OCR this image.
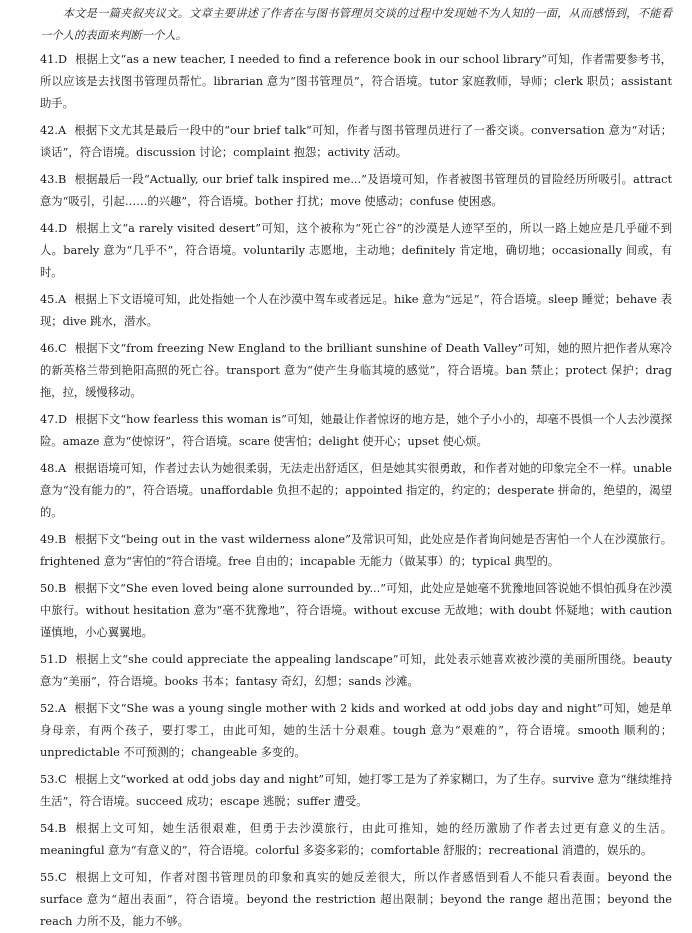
本文是一篇夹叙夹议文。文章主要讲述了作者在与图书管理员交谈的过程中发现她不为人知的一面，从而感悟到，不能看一个人的表面来判断一个人。

41.D 根据上文“as a new teacher, I needed to find a reference book in our school library”可知，作者需要参考书，所以应该是去找图书管理员帮忙。librarian 意为“图书管理员”，符合语境。tutor 家庭教师，导师；clerk 职员；assistant 助手。

42.A 根据下文尤其是最后一段中的“our brief talk”可知，作者与图书管理员进行了一番交谈。conversation 意为“对话；谈话”，符合语境。discussion 讨论；complaint 抱怨；activity 活动。

43.B 根据最后一段“Actually, our brief talk inspired me...”及语境可知，作者被图书管理员的冒险经历所吸引。attract 意为“吸引，引起……的兴趣”，符合语境。bother 打扰；move 使感动；confuse 使困惑。

44.D 根据上文“a rarely visited desert”可知，这个被称为“死亡谷”的沙漠是人迹罕至的，所以一路上她应是几乎碰不到人。barely 意为“几乎不”，符合语境。voluntarily 志愿地，主动地；definitely 肯定地，确切地；occasionally 间或，有时。

45.A 根据上下文语境可知，此处指她一个人在沙漠中驾车或者远足。hike 意为“远足”，符合语境。sleep 睡觉；behave 表现；dive 跳水，潜水。

46.C 根据下文“from freezing New England to the brilliant sunshine of Death Valley”可知，她的照片把作者从寒冷的新英格兰带到艳阳高照的死亡谷。transport 意为“使产生身临其境的感觉”，符合语境。ban 禁止；protect 保护；drag 拖，拉，缓慢移动。

47.D 根据下文“how fearless this woman is”可知，她最让作者惊讶的地方是，她个子小小的，却毫不畏惧一个人去沙漠探险。amaze 意为“使惊讶”，符合语境。scare 使害怕；delight 使开心；upset 使心烦。

48.A 根据语境可知，作者过去认为她很柔弱，无法走出舒适区，但是她其实很勇敢，和作者对她的印象完全不一样。unable 意为“没有能力的”，符合语境。unaffordable 负担不起的；appointed 指定的，约定的；desperate 拼命的，绝望的，渴望的。

49.B 根据下文“being out in the vast wilderness alone”及常识可知，此处应是作者询问她是否害怕一个人在沙漠旅行。frightened 意为“害怕的”符合语境。free 自由的；incapable 无能力（做某事）的；typical 典型的。

50.B 根据下文“She even loved being alone surrounded by...”可知，此处应是她毫不犹豫地回答说她不惧怕孤身在沙漠中旅行。without hesitation 意为“毫不犹豫地”，符合语境。without excuse 无故地；with doubt 怀疑地；with caution 谨慎地，小心翼翼地。

51.D 根据上文“she could appreciate the appealing landscape”可知，此处表示她喜欢被沙漠的美丽所围绕。beauty 意为“美丽”，符合语境。books 书本；fantasy 奇幻，幻想；sands 沙滩。

52.A 根据下文“She was a young single mother with 2 kids and worked at odd jobs day and night”可知，她是单身母亲，有两个孩子，要打零工，由此可知，她的生活十分艰难。tough 意为“艰难的”，符合语境。smooth 顺利的；unpredictable 不可预测的；changeable 多变的。

53.C 根据上文“worked at odd jobs day and night”可知，她打零工是为了养家糊口，为了生存。survive 意为“继续维持生活”，符合语境。succeed 成功；escape 逃脱；suffer 遭受。

54.B 根据上文可知，她生活很艰难，但勇于去沙漠旅行，由此可推知，她的经历激励了作者去过更有意义的生活。meaningful 意为“有意义的”，符合语境。colorful 多姿多彩的；comfortable 舒服的；recreational 消遣的，娱乐的。

55.C 根据上文可知，作者对图书管理员的印象和真实的她反差很大，所以作者感悟到看人不能只看表面。beyond the surface 意为“超出表面”，符合语境。beyond the restriction 超出限制；beyond the range 超出范围；beyond the reach 力所不及，能力不够。
